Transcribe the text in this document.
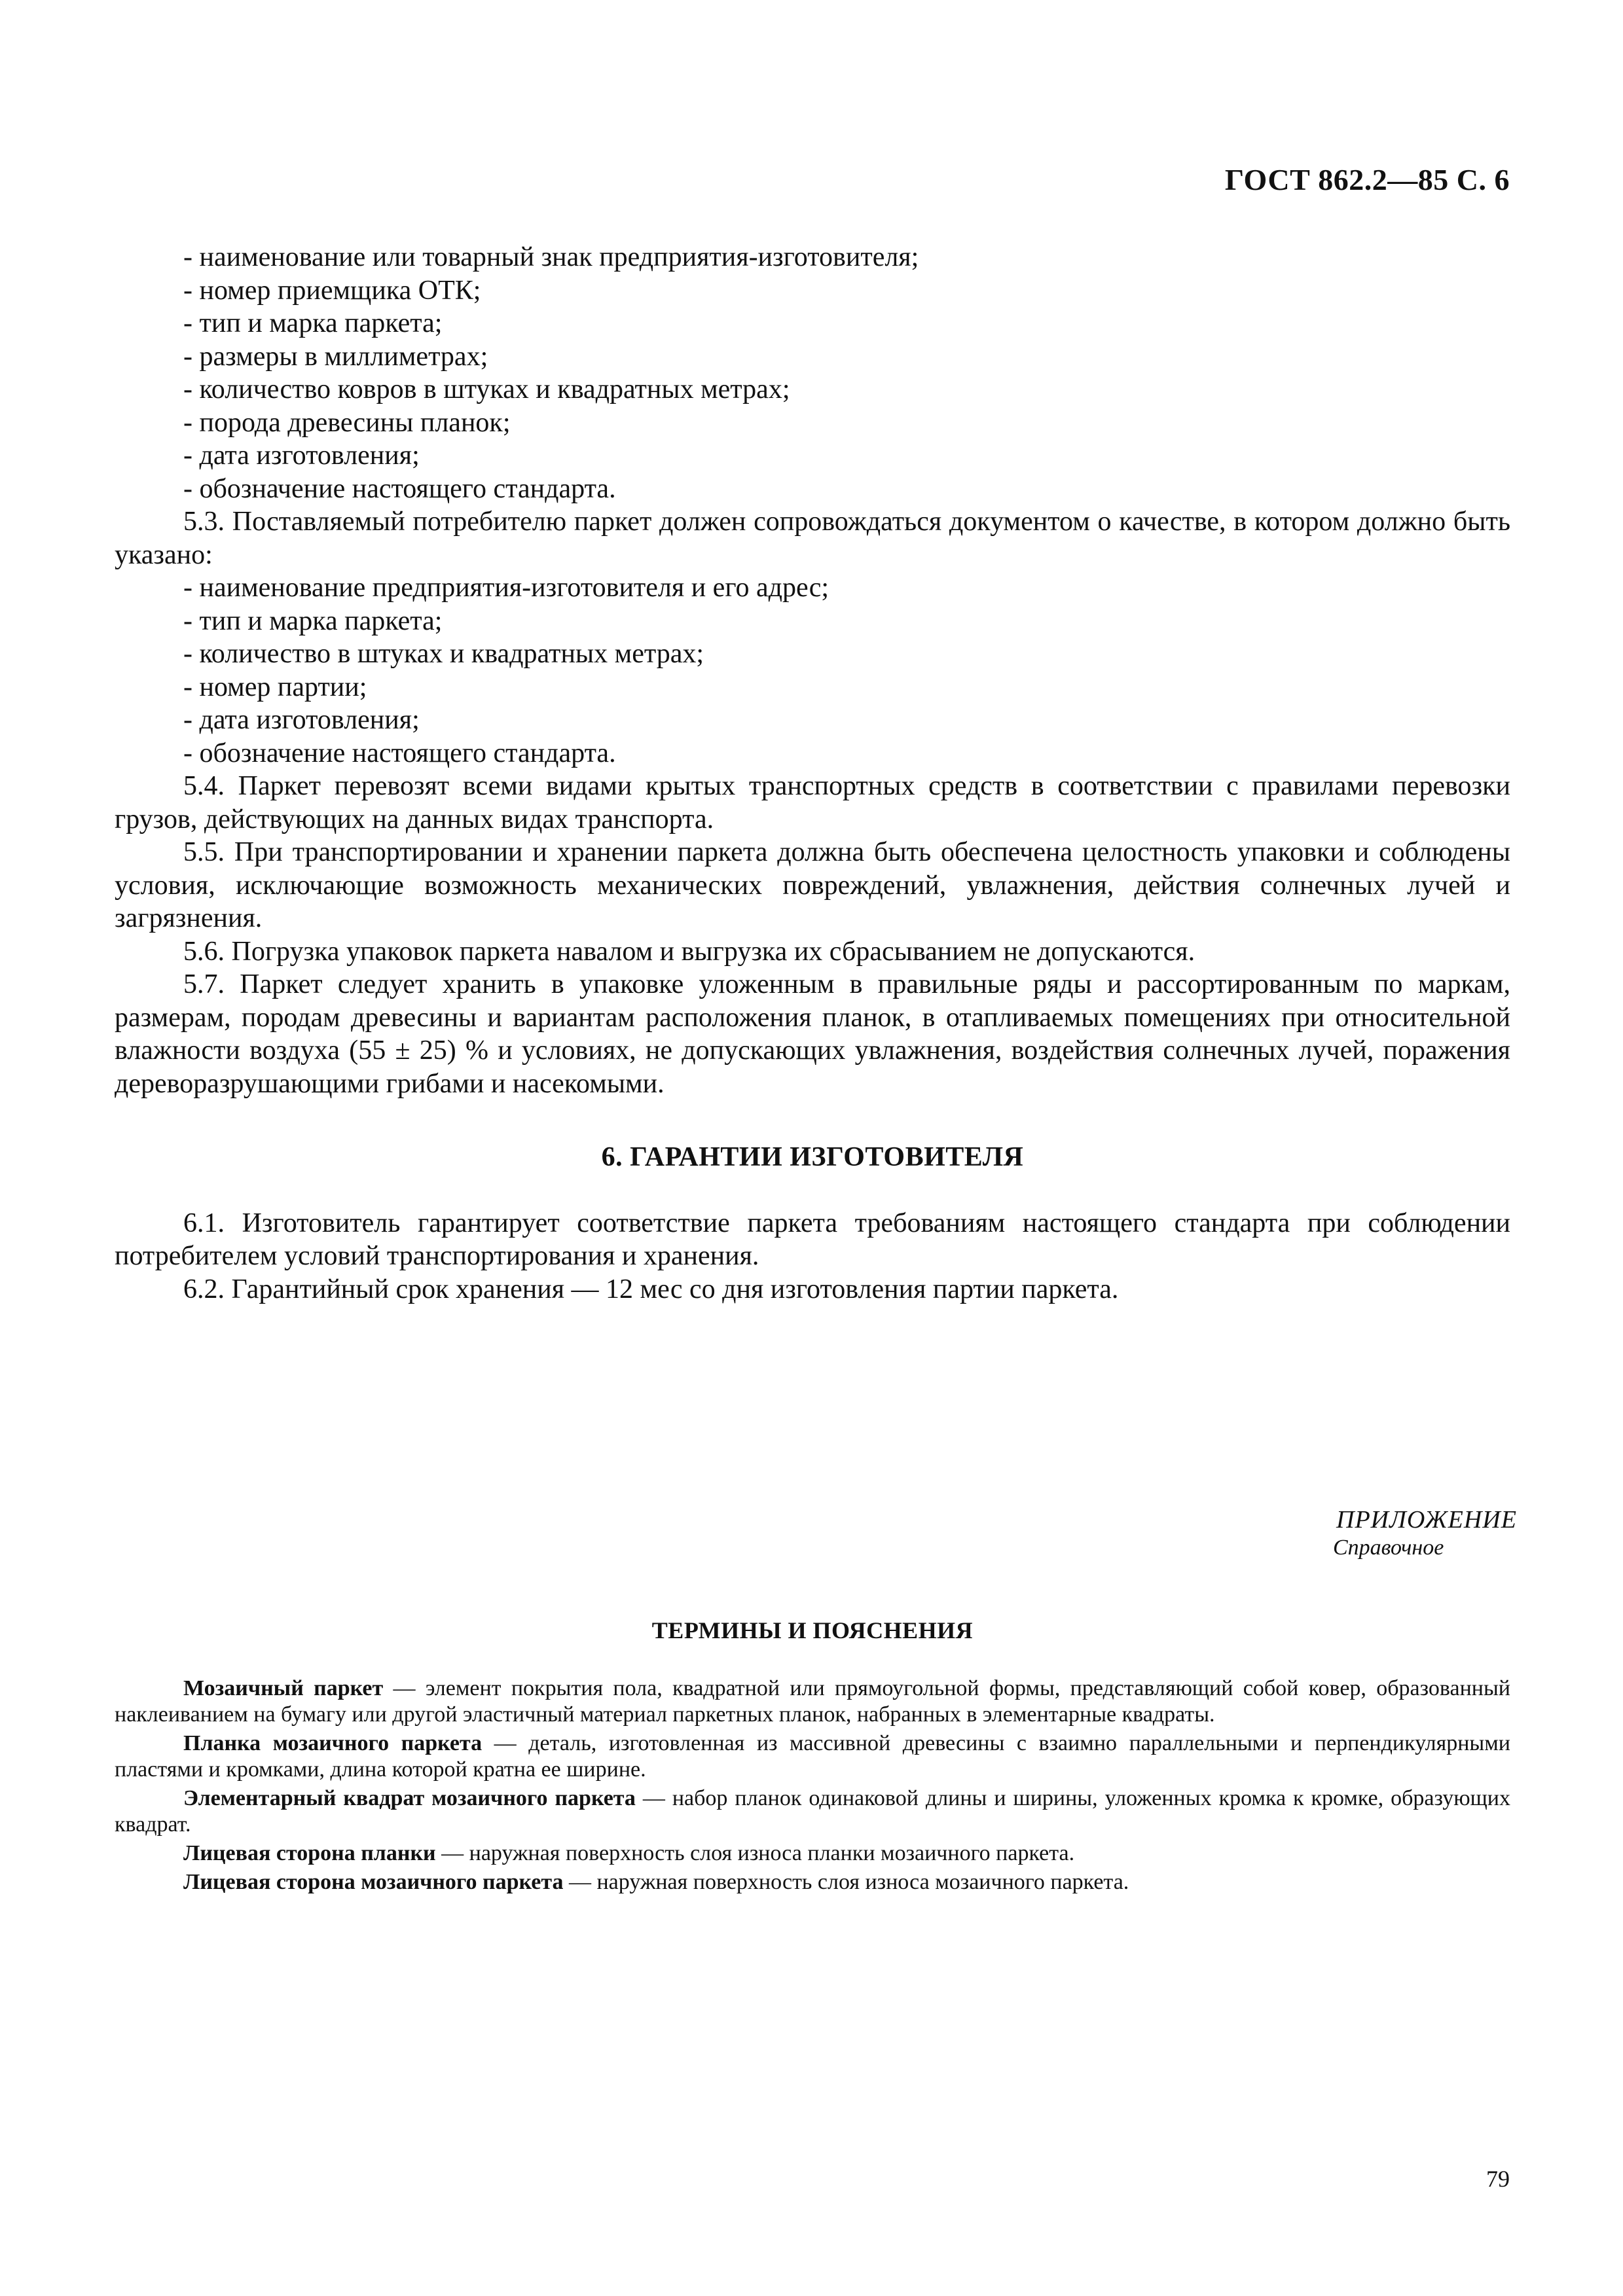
ГОСТ 862.2—85 С. 6

- наименование или товарный знак предприятия-изготовителя;

- номер приемщика ОТК;

- тип и марка паркета;

- размеры в миллиметрах;

- количество ковров в штуках и квадратных метрах;

- порода древесины планок;

- дата изготовления;

- обозначение настоящего стандарта.

5.3. Поставляемый потребителю паркет должен сопровождаться документом о качестве, в котором должно быть указано:

- наименование предприятия-изготовителя и его адрес;

- тип и марка паркета;

- количество в штуках и квадратных метрах;

- номер партии;

- дата изготовления;

- обозначение настоящего стандарта.

5.4. Паркет перевозят всеми видами крытых транспортных средств в соответствии с правилами перевозки грузов, действующих на данных видах транспорта.

5.5. При транспортировании и хранении паркета должна быть обеспечена целостность упаковки и соблюдены условия, исключающие возможность механических повреждений, увлажнения, действия солнечных лучей и загрязнения.

5.6. Погрузка упаковок паркета навалом и выгрузка их сбрасыванием не допускаются.

5.7. Паркет следует хранить в упаковке уложенным в правильные ряды и рассортированным по маркам, размерам, породам древесины и вариантам расположения планок, в отапливаемых помещениях при относительной влажности воздуха (55 ± 25) % и условиях, не допускающих увлажнения, воздействия солнечных лучей, поражения дереворазрушающими грибами и насекомыми.

6. ГАРАНТИИ ИЗГОТОВИТЕЛЯ

6.1. Изготовитель гарантирует соответствие паркета требованиям настоящего стандарта при соблюдении потребителем условий транспортирования и хранения.

6.2. Гарантийный срок хранения — 12 мес со дня изготовления партии паркета.

ПРИЛОЖЕНИЕ
Справочное
ТЕРМИНЫ И ПОЯСНЕНИЯ

Мозаичный паркет — элемент покрытия пола, квадратной или прямоугольной формы, представляющий собой ковер, образованный наклеиванием на бумагу или другой эластичный материал паркетных планок, набранных в элементарные квадраты.

Планка мозаичного паркета — деталь, изготовленная из массивной древесины с взаимно параллельными и перпендикулярными пластями и кромками, длина которой кратна ее ширине.

Элементарный квадрат мозаичного паркета — набор планок одинаковой длины и ширины, уложенных кромка к кромке, образующих квадрат.

Лицевая сторона планки — наружная поверхность слоя износа планки мозаичного паркета.

Лицевая сторона мозаичного паркета — наружная поверхность слоя износа мозаичного паркета.

79
